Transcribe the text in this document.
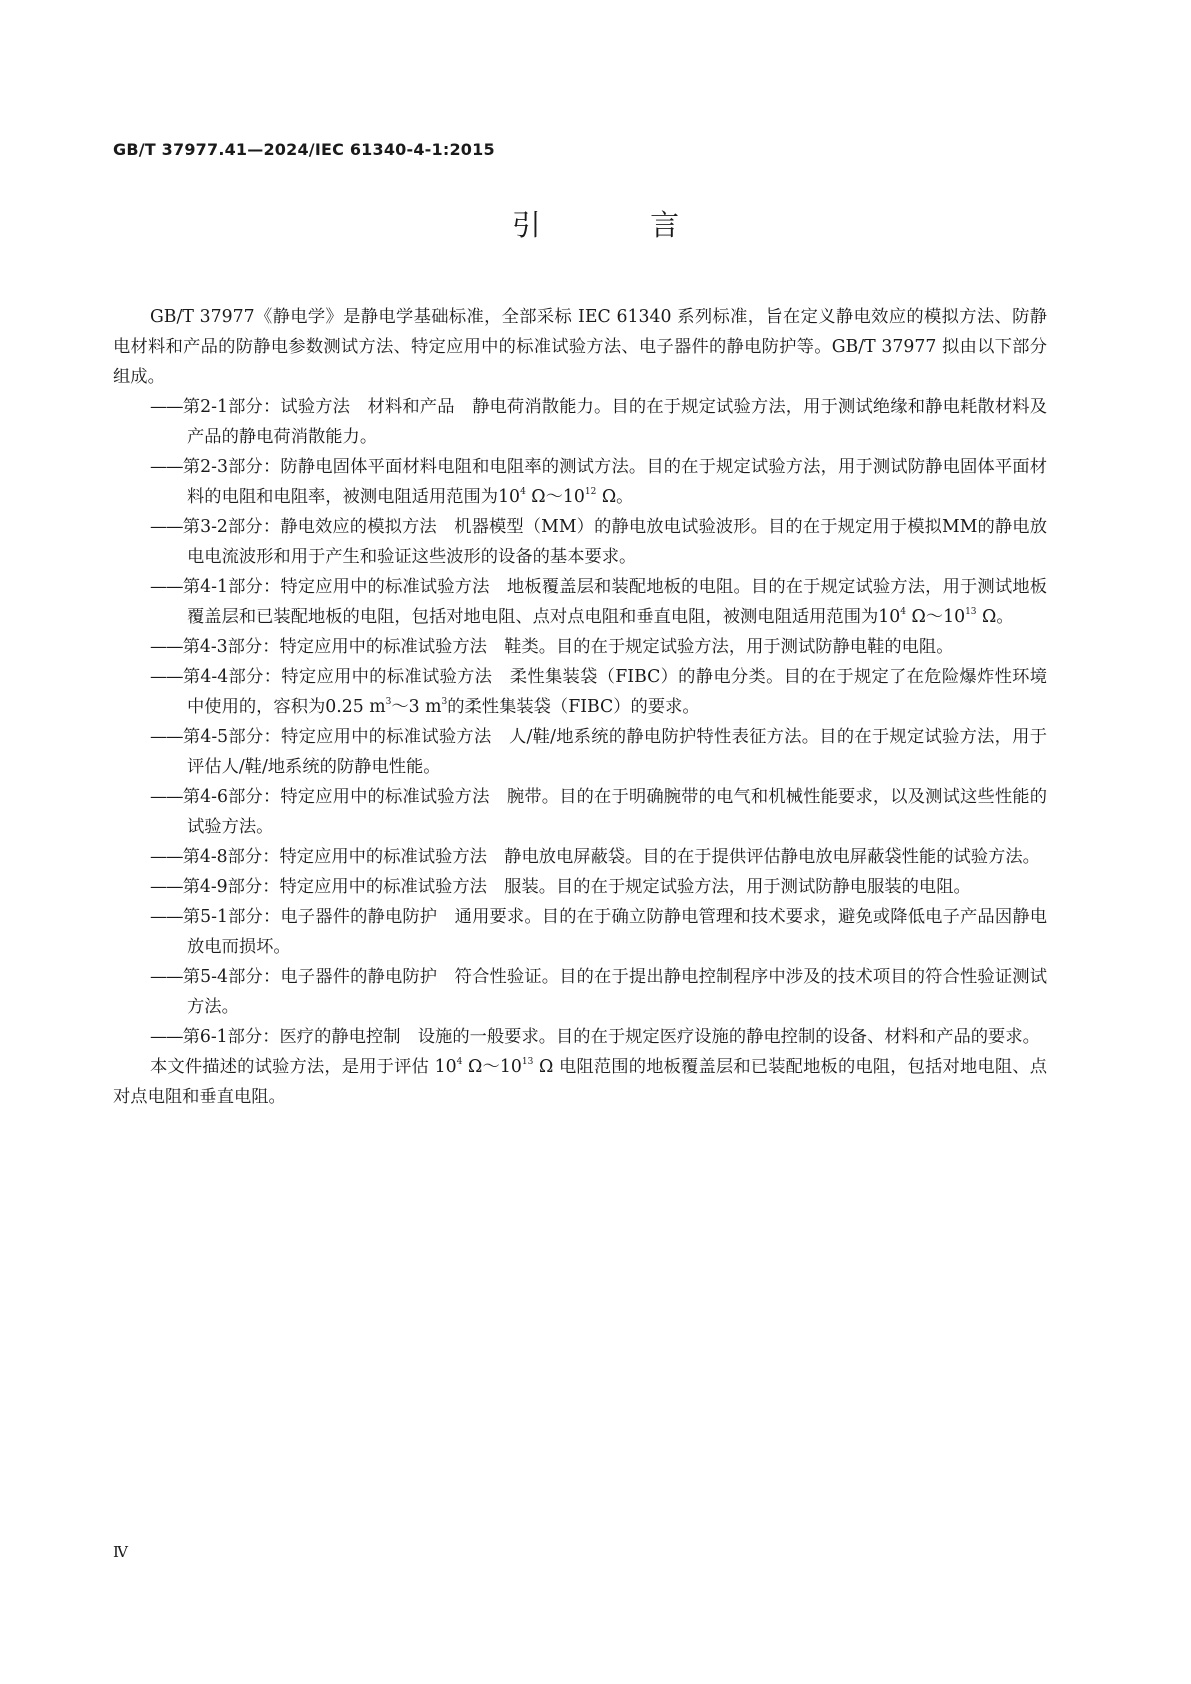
GB/T 37977.41—2024/IEC 61340-4-1:2015
引 言

GB/T 37977《静电学》是静电学基础标准，全部采标 IEC 61340 系列标准，旨在定义静电效应的模拟方法、防静电材料和产品的防静电参数测试方法、特定应用中的标准试验方法、电子器件的静电防护等。GB/T 37977 拟由以下部分组成。

——第2-1部分：试验方法　材料和产品　静电荷消散能力。目的在于规定试验方法，用于测试绝缘和静电耗散材料及产品的静电荷消散能力。

——第2-3部分：防静电固体平面材料电阻和电阻率的测试方法。目的在于规定试验方法，用于测试防静电固体平面材料的电阻和电阻率，被测电阻适用范围为$10^4$ $\Omega\sim 10^{12}$ Ω。

——第3-2部分：静电效应的模拟方法　机器模型（MM）的静电放电试验波形。目的在于规定用于模拟MM的静电放电电流波形和用于产生和验证这些波形的设备的基本要求。

——第4-1部分：特定应用中的标准试验方法　地板覆盖层和装配地板的电阻。目的在于规定试验方法，用于测试地板覆盖层和已装配地板的电阻，包括对地电阻、点对点电阻和垂直电阻，被测电阻适用范围为$10^4$ $\Omega\sim 10^{13}$ Ω。

——第4-3部分：特定应用中的标准试验方法　鞋类。目的在于规定试验方法，用于测试防静电鞋的电阻。

——第4-4部分：特定应用中的标准试验方法　柔性集装袋（FIBC）的静电分类。目的在于规定了在危险爆炸性环境中使用的，容积为0.25 $m^3\sim 3$ $m^3$的柔性集装袋（FIBC）的要求。

——第4-5部分：特定应用中的标准试验方法　人/鞋/地系统的静电防护特性表征方法。目的在于规定试验方法，用于评估人/鞋/地系统的防静电性能。

——第4-6部分：特定应用中的标准试验方法　腕带。目的在于明确腕带的电气和机械性能要求，以及测试这些性能的试验方法。

——第4-8部分：特定应用中的标准试验方法　静电放电屏蔽袋。目的在于提供评估静电放电屏蔽袋性能的试验方法。

——第4-9部分：特定应用中的标准试验方法　服装。目的在于规定试验方法，用于测试防静电服装的电阻。

——第5-1部分：电子器件的静电防护　通用要求。目的在于确立防静电管理和技术要求，避免或降低电子产品因静电放电而损坏。

——第5-4部分：电子器件的静电防护　符合性验证。目的在于提出静电控制程序中涉及的技术项目的符合性验证测试方法。

——第6-1部分：医疗的静电控制　设施的一般要求。目的在于规定医疗设施的静电控制的设备、材料和产品的要求。

本文件描述的试验方法，是用于评估 $10^4$ $\Omega\sim 10^{13}$ Ω 电阻范围的地板覆盖层和已装配地板的电阻，包括对地电阻、点对点电阻和垂直电阻。

Ⅳ
